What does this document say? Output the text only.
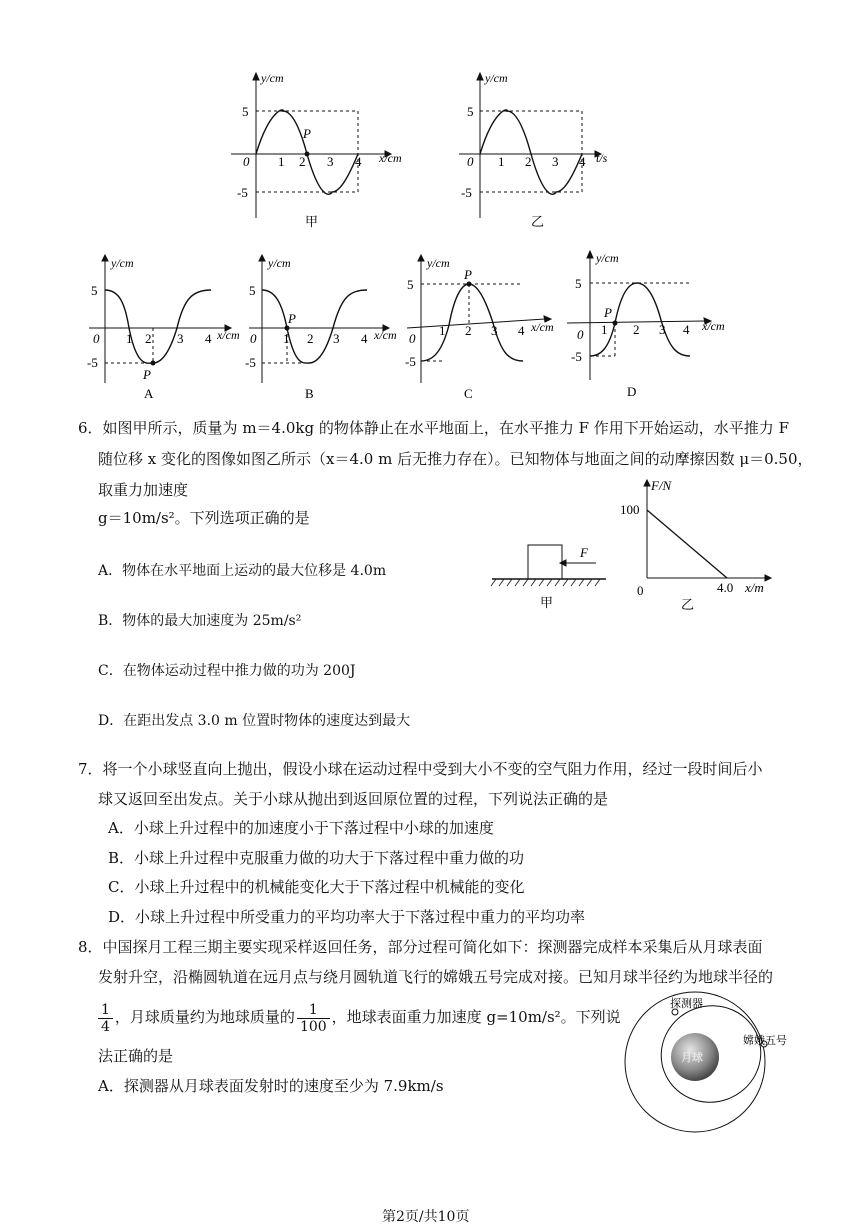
y/cm
5
-5
0 1 2 3 4
P
x/cm
甲
y/cm
5
-5
0 1 2 3 4 t/s
乙
y/cm
5
-5
0 1 2 3 4 x/cm
P
A
y/cm
5
-5
0 1 2 3 4 x/cm
P
B
y/cm
5
-5
0
1 2 3 4 x/cm
P
C
y/cm
5
-5
0 1 2 3 4 x/cm
P
D
6．如图甲所示，质量为 m＝4.0kg 的物体静止在水平地面上，在水平推力 F 作用下开始运动，水平推力 F
随位移 x 变化的图像如图乙所示（x＝4.0 m 后无推力存在）。已知物体与地面之间的动摩擦因数 μ＝0.50，
取重力加速度
g＝10m/s²。下列选项正确的是
A．物体在水平地面上运动的最大位移是 4.0m
B．物体的最大加速度为 25m/s²
C．在物体运动过程中推力做的功为 200J
D．在距出发点 3.0 m 位置时物体的速度达到最大
F
甲
F/N
100
0	4.0 x/m
乙
7．将一个小球竖直向上抛出，假设小球在运动过程中受到大小不变的空气阻力作用，经过一段时间后小
球又返回至出发点。关于小球从抛出到返回原位置的过程，下列说法正确的是
A．小球上升过程中的加速度小于下落过程中小球的加速度
B．小球上升过程中克服重力做的功大于下落过程中重力做的功
C．小球上升过程中的机械能变化大于下落过程中机械能的变化
D．小球上升过程中所受重力的平均功率大于下落过程中重力的平均功率
8．中国探月工程三期主要实现采样返回任务，部分过程可简化如下：探测器完成样本采集后从月球表面
发射升空，沿椭圆轨道在远月点与绕月圆轨道飞行的嫦娥五号完成对接。已知月球半径约为地球半径的
$\frac{1}{4}$ ，月球质量约为地球质量的 $\frac{1}{100}$ ，地球表面重力加速度 g=10m/s²。下列说
法正确的是
A．探测器从月球表面发射时的速度至少为 7.9km/s
月球
探测器
嫦娥五号
第2页/共10页
